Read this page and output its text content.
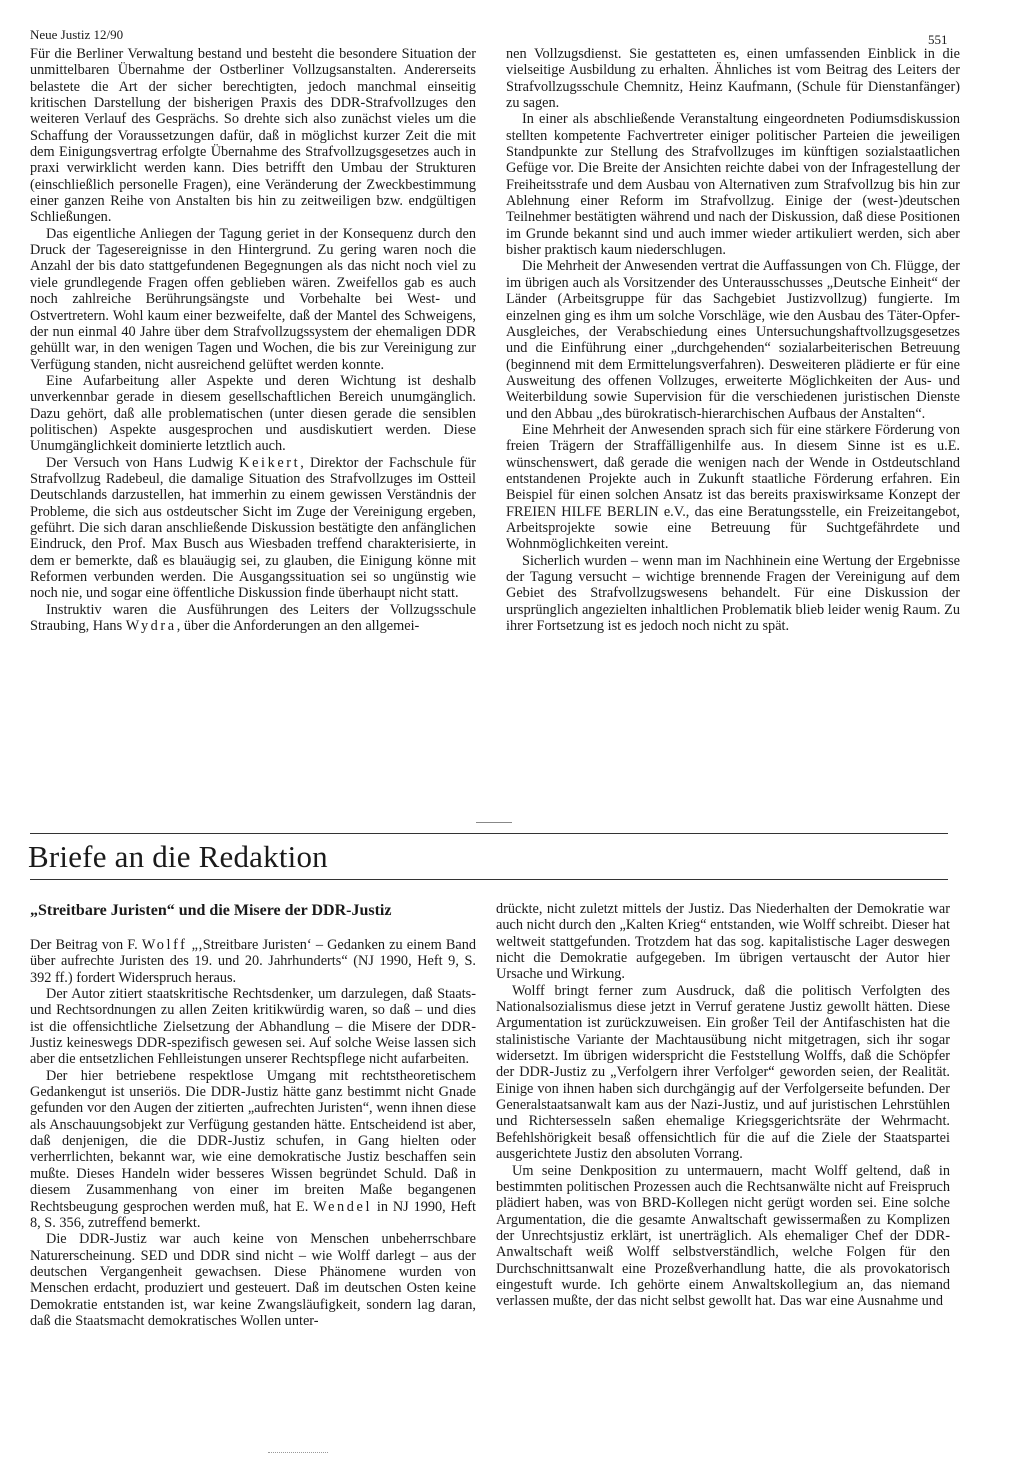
Neue Justiz 12/90	551

Für die Berliner Verwaltung bestand und besteht die besondere Situation der unmittelbaren Übernahme der Ostberliner Vollzugsanstalten. Andererseits belastete die Art der sicher berechtigten, jedoch manchmal einseitig kritischen Darstellung der bisherigen Praxis des DDR-Strafvollzuges den weiteren Verlauf des Gesprächs. So drehte sich also zunächst vieles um die Schaffung der Voraussetzungen dafür, daß in möglichst kurzer Zeit die mit dem Einigungsvertrag erfolgte Übernahme des Strafvollzugsgesetzes auch in praxi verwirklicht werden kann. Dies betrifft den Umbau der Strukturen (einschließlich personelle Fragen), eine Veränderung der Zweckbestimmung einer ganzen Reihe von Anstalten bis hin zu zeitweiligen bzw. endgültigen Schließungen.

Das eigentliche Anliegen der Tagung geriet in der Konsequenz durch den Druck der Tagesereignisse in den Hintergrund. Zu gering waren noch die Anzahl der bis dato stattgefundenen Begegnungen als das nicht noch viel zu viele grundlegende Fragen offen geblieben wären. Zweifellos gab es auch noch zahlreiche Berührungsängste und Vorbehalte bei West- und Ostvertretern. Wohl kaum einer bezweifelte, daß der Mantel des Schweigens, der nun einmal 40 Jahre über dem Strafvollzugssystem der ehemaligen DDR gehüllt war, in den wenigen Tagen und Wochen, die bis zur Vereinigung zur Verfügung standen, nicht ausreichend gelüftet werden konnte.

Eine Aufarbeitung aller Aspekte und deren Wichtung ist deshalb unverkennbar gerade in diesem gesellschaftlichen Bereich unumgänglich. Dazu gehört, daß alle problematischen (unter diesen gerade die sensiblen politischen) Aspekte ausgesprochen und ausdiskutiert werden. Diese Unumgänglichkeit dominierte letztlich auch.

Der Versuch von Hans Ludwig Keikert, Direktor der Fachschule für Strafvollzug Radebeul, die damalige Situation des Strafvollzuges im Ostteil Deutschlands darzustellen, hat immerhin zu einem gewissen Verständnis der Probleme, die sich aus ostdeutscher Sicht im Zuge der Vereinigung ergeben, geführt. Die sich daran anschließende Diskussion bestätigte den anfänglichen Eindruck, den Prof. Max Busch aus Wiesbaden treffend charakterisierte, in dem er bemerkte, daß es blauäugig sei, zu glauben, die Einigung könne mit Reformen verbunden werden. Die Ausgangssituation sei so ungünstig wie noch nie, und sogar eine öffentliche Diskussion finde überhaupt nicht statt.

Instruktiv waren die Ausführungen des Leiters der Vollzugsschule Straubing, Hans Wydra, über die Anforderungen an den allgemei-

nen Vollzugsdienst. Sie gestatteten es, einen umfassenden Einblick in die vielseitige Ausbildung zu erhalten. Ähnliches ist vom Beitrag des Leiters der Strafvollzugsschule Chemnitz, Heinz Kaufmann, (Schule für Dienstanfänger) zu sagen.

In einer als abschließende Veranstaltung eingeordneten Podiumsdiskussion stellten kompetente Fachvertreter einiger politischer Parteien die jeweiligen Standpunkte zur Stellung des Strafvollzuges im künftigen sozialstaatlichen Gefüge vor. Die Breite der Ansichten reichte dabei von der Infragestellung der Freiheitsstrafe und dem Ausbau von Alternativen zum Strafvollzug bis hin zur Ablehnung einer Reform im Strafvollzug. Einige der (west-)deutschen Teilnehmer bestätigten während und nach der Diskussion, daß diese Positionen im Grunde bekannt sind und auch immer wieder artikuliert werden, sich aber bisher praktisch kaum niederschlugen.

Die Mehrheit der Anwesenden vertrat die Auffassungen von Ch. Flügge, der im übrigen auch als Vorsitzender des Unterausschusses „Deutsche Einheit“ der Länder (Arbeitsgruppe für das Sachgebiet Justizvollzug) fungierte. Im einzelnen ging es ihm um solche Vorschläge, wie den Ausbau des Täter-Opfer-Ausgleiches, der Verabschiedung eines Untersuchungshaftvollzugsgesetzes und die Einführung einer „durchgehenden“ sozialarbeiterischen Betreuung (beginnend mit dem Ermittelungsverfahren). Desweiteren plädierte er für eine Ausweitung des offenen Vollzuges, erweiterte Möglichkeiten der Aus- und Weiterbildung sowie Supervision für die verschiedenen juristischen Dienste und den Abbau „des bürokratisch-hierarchischen Aufbaus der Anstalten“.

Eine Mehrheit der Anwesenden sprach sich für eine stärkere Förderung von freien Trägern der Straffälligenhilfe aus. In diesem Sinne ist es u.E. wünschenswert, daß gerade die wenigen nach der Wende in Ostdeutschland entstandenen Projekte auch in Zukunft staatliche Förderung erfahren. Ein Beispiel für einen solchen Ansatz ist das bereits praxiswirksame Konzept der FREIEN HILFE BERLIN e.V., das eine Beratungsstelle, ein Freizeitangebot, Arbeitsprojekte sowie eine Betreuung für Suchtgefährdete und Wohnmöglichkeiten vereint.

Sicherlich wurden – wenn man im Nachhinein eine Wertung der Ergebnisse der Tagung versucht – wichtige brennende Fragen der Vereinigung auf dem Gebiet des Strafvollzugswesens behandelt. Für eine Diskussion der ursprünglich angezielten inhaltlichen Problematik blieb leider wenig Raum. Zu ihrer Fortsetzung ist es jedoch noch nicht zu spät.

Briefe an die Redaktion
„Streitbare Juristen“ und die Misere der DDR-Justiz

Der Beitrag von F. Wolff „‚Streitbare Juristen‘ – Gedanken zu einem Band über aufrechte Juristen des 19. und 20. Jahrhunderts“ (NJ 1990, Heft 9, S. 392 ff.) fordert Widerspruch heraus.

Der Autor zitiert staatskritische Rechtsdenker, um darzulegen, daß Staats- und Rechtsordnungen zu allen Zeiten kritikwürdig waren, so daß – und dies ist die offensichtliche Zielsetzung der Abhandlung – die Misere der DDR-Justiz keineswegs DDR-spezifisch gewesen sei. Auf solche Weise lassen sich aber die entsetzlichen Fehlleistungen unserer Rechtspflege nicht aufarbeiten.

Der hier betriebene respektlose Umgang mit rechtstheoretischem Gedankengut ist unseriös. Die DDR-Justiz hätte ganz bestimmt nicht Gnade gefunden vor den Augen der zitierten „aufrechten Juristen“, wenn ihnen diese als Anschauungsobjekt zur Verfügung gestanden hätte. Entscheidend ist aber, daß denjenigen, die die DDR-Justiz schufen, in Gang hielten oder verherrlichten, bekannt war, wie eine demokratische Justiz beschaffen sein mußte. Dieses Handeln wider besseres Wissen begründet Schuld. Daß in diesem Zusammenhang von einer im breiten Maße begangenen Rechtsbeugung gesprochen werden muß, hat E. Wendel in NJ 1990, Heft 8, S. 356, zutreffend bemerkt.

Die DDR-Justiz war auch keine von Menschen unbeherrschbare Naturerscheinung. SED und DDR sind nicht – wie Wolff darlegt – aus der deutschen Vergangenheit gewachsen. Diese Phänomene wurden von Menschen erdacht, produziert und gesteuert. Daß im deutschen Osten keine Demokratie entstanden ist, war keine Zwangsläufigkeit, sondern lag daran, daß die Staatsmacht demokratisches Wollen unter-

drückte, nicht zuletzt mittels der Justiz. Das Niederhalten der Demokratie war auch nicht durch den „Kalten Krieg“ entstanden, wie Wolff schreibt. Dieser hat weltweit stattgefunden. Trotzdem hat das sog. kapitalistische Lager deswegen nicht die Demokratie aufgegeben. Im übrigen vertauscht der Autor hier Ursache und Wirkung.

Wolff bringt ferner zum Ausdruck, daß die politisch Verfolgten des Nationalsozialismus diese jetzt in Verruf geratene Justiz gewollt hätten. Diese Argumentation ist zurückzuweisen. Ein großer Teil der Antifaschisten hat die stalinistische Variante der Machtausübung nicht mitgetragen, sich ihr sogar widersetzt. Im übrigen widerspricht die Feststellung Wolffs, daß die Schöpfer der DDR-Justiz zu „Verfolgern ihrer Verfolger“ geworden seien, der Realität. Einige von ihnen haben sich durchgängig auf der Verfolgerseite befunden. Der Generalstaatsanwalt kam aus der Nazi-Justiz, und auf juristischen Lehrstühlen und Richtersesseln saßen ehemalige Kriegsgerichtsräte der Wehrmacht. Befehlshörigkeit besaß offensichtlich für die auf die Ziele der Staatspartei ausgerichtete Justiz den absoluten Vorrang.

Um seine Denkposition zu untermauern, macht Wolff geltend, daß in bestimmten politischen Prozessen auch die Rechtsanwälte nicht auf Freispruch plädiert haben, was von BRD-Kollegen nicht gerügt worden sei. Eine solche Argumentation, die die gesamte Anwaltschaft gewissermaßen zu Komplizen der Unrechtsjustiz erklärt, ist unerträglich. Als ehemaliger Chef der DDR-Anwaltschaft weiß Wolff selbstverständlich, welche Folgen für den Durchschnittsanwalt eine Prozeßverhandlung hatte, die als provokatorisch eingestuft wurde. Ich gehörte einem Anwaltskollegium an, das niemand verlassen mußte, der das nicht selbst gewollt hat. Das war eine Ausnahme und
